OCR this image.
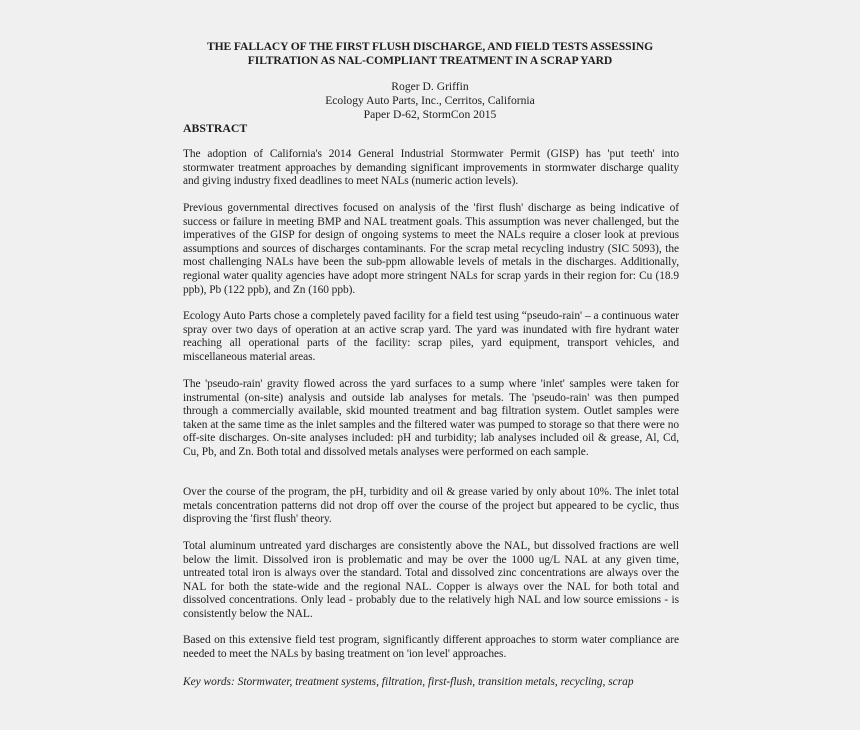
THE FALLACY OF THE FIRST FLUSH DISCHARGE, AND FIELD TESTS ASSESSING
FILTRATION AS NAL-COMPLIANT TREATMENT IN A SCRAP YARD
Roger D. Griffin
Ecology Auto Parts, Inc., Cerritos, California
Paper D-62, StormCon 2015
ABSTRACT
The adoption of California's 2014 General Industrial Stormwater Permit (GISP) has 'put teeth' into stormwater treatment approaches by demanding significant improvements in stormwater discharge quality and giving industry fixed deadlines to meet NALs (numeric action levels).
Previous governmental directives focused on analysis of the 'first flush' discharge as being indicative of success or failure in meeting BMP and NAL treatment goals. This assumption was never challenged, but the imperatives of the GISP for design of ongoing systems to meet the NALs require a closer look at previous assumptions and sources of discharges contaminants. For the scrap metal recycling industry (SIC 5093), the most challenging NALs have been the sub-ppm allowable levels of metals in the discharges. Additionally, regional water quality agencies have adopt more stringent NALs for scrap yards in their region for: Cu (18.9 ppb), Pb (122 ppb), and Zn (160 ppb).
Ecology Auto Parts chose a completely paved facility for a field test using “pseudo-rain' – a continuous water spray over two days of operation at an active scrap yard. The yard was inundated with fire hydrant water reaching all operational parts of the facility: scrap piles, yard equipment, transport vehicles, and miscellaneous material areas.
The 'pseudo-rain' gravity flowed across the yard surfaces to a sump where 'inlet' samples were taken for instrumental (on-site) analysis and outside lab analyses for metals. The 'pseudo-rain' was then pumped through a commercially available, skid mounted treatment and bag filtration system. Outlet samples were taken at the same time as the inlet samples and the filtered water was pumped to storage so that there were no off-site discharges. On-site analyses included: pH and turbidity; lab analyses included oil & grease, Al, Cd, Cu, Pb, and Zn. Both total and dissolved metals analyses were performed on each sample.
Over the course of the program, the pH, turbidity and oil & grease varied by only about 10%. The inlet total metals concentration patterns did not drop off over the course of the project but appeared to be cyclic, thus disproving the 'first flush' theory.
Total aluminum untreated yard discharges are consistently above the NAL, but dissolved fractions are well below the limit. Dissolved iron is problematic and may be over the 1000 ug/L NAL at any given time, untreated total iron is always over the standard. Total and dissolved zinc concentrations are always over the NAL for both the state-wide and the regional NAL. Copper is always over the NAL for both total and dissolved concentrations. Only lead - probably due to the relatively high NAL and low source emissions - is consistently below the NAL.
Based on this extensive field test program, significantly different approaches to storm water compliance are needed to meet the NALs by basing treatment on 'ion level' approaches.
Key words: Stormwater, treatment systems, filtration, first-flush, transition metals, recycling, scrap
